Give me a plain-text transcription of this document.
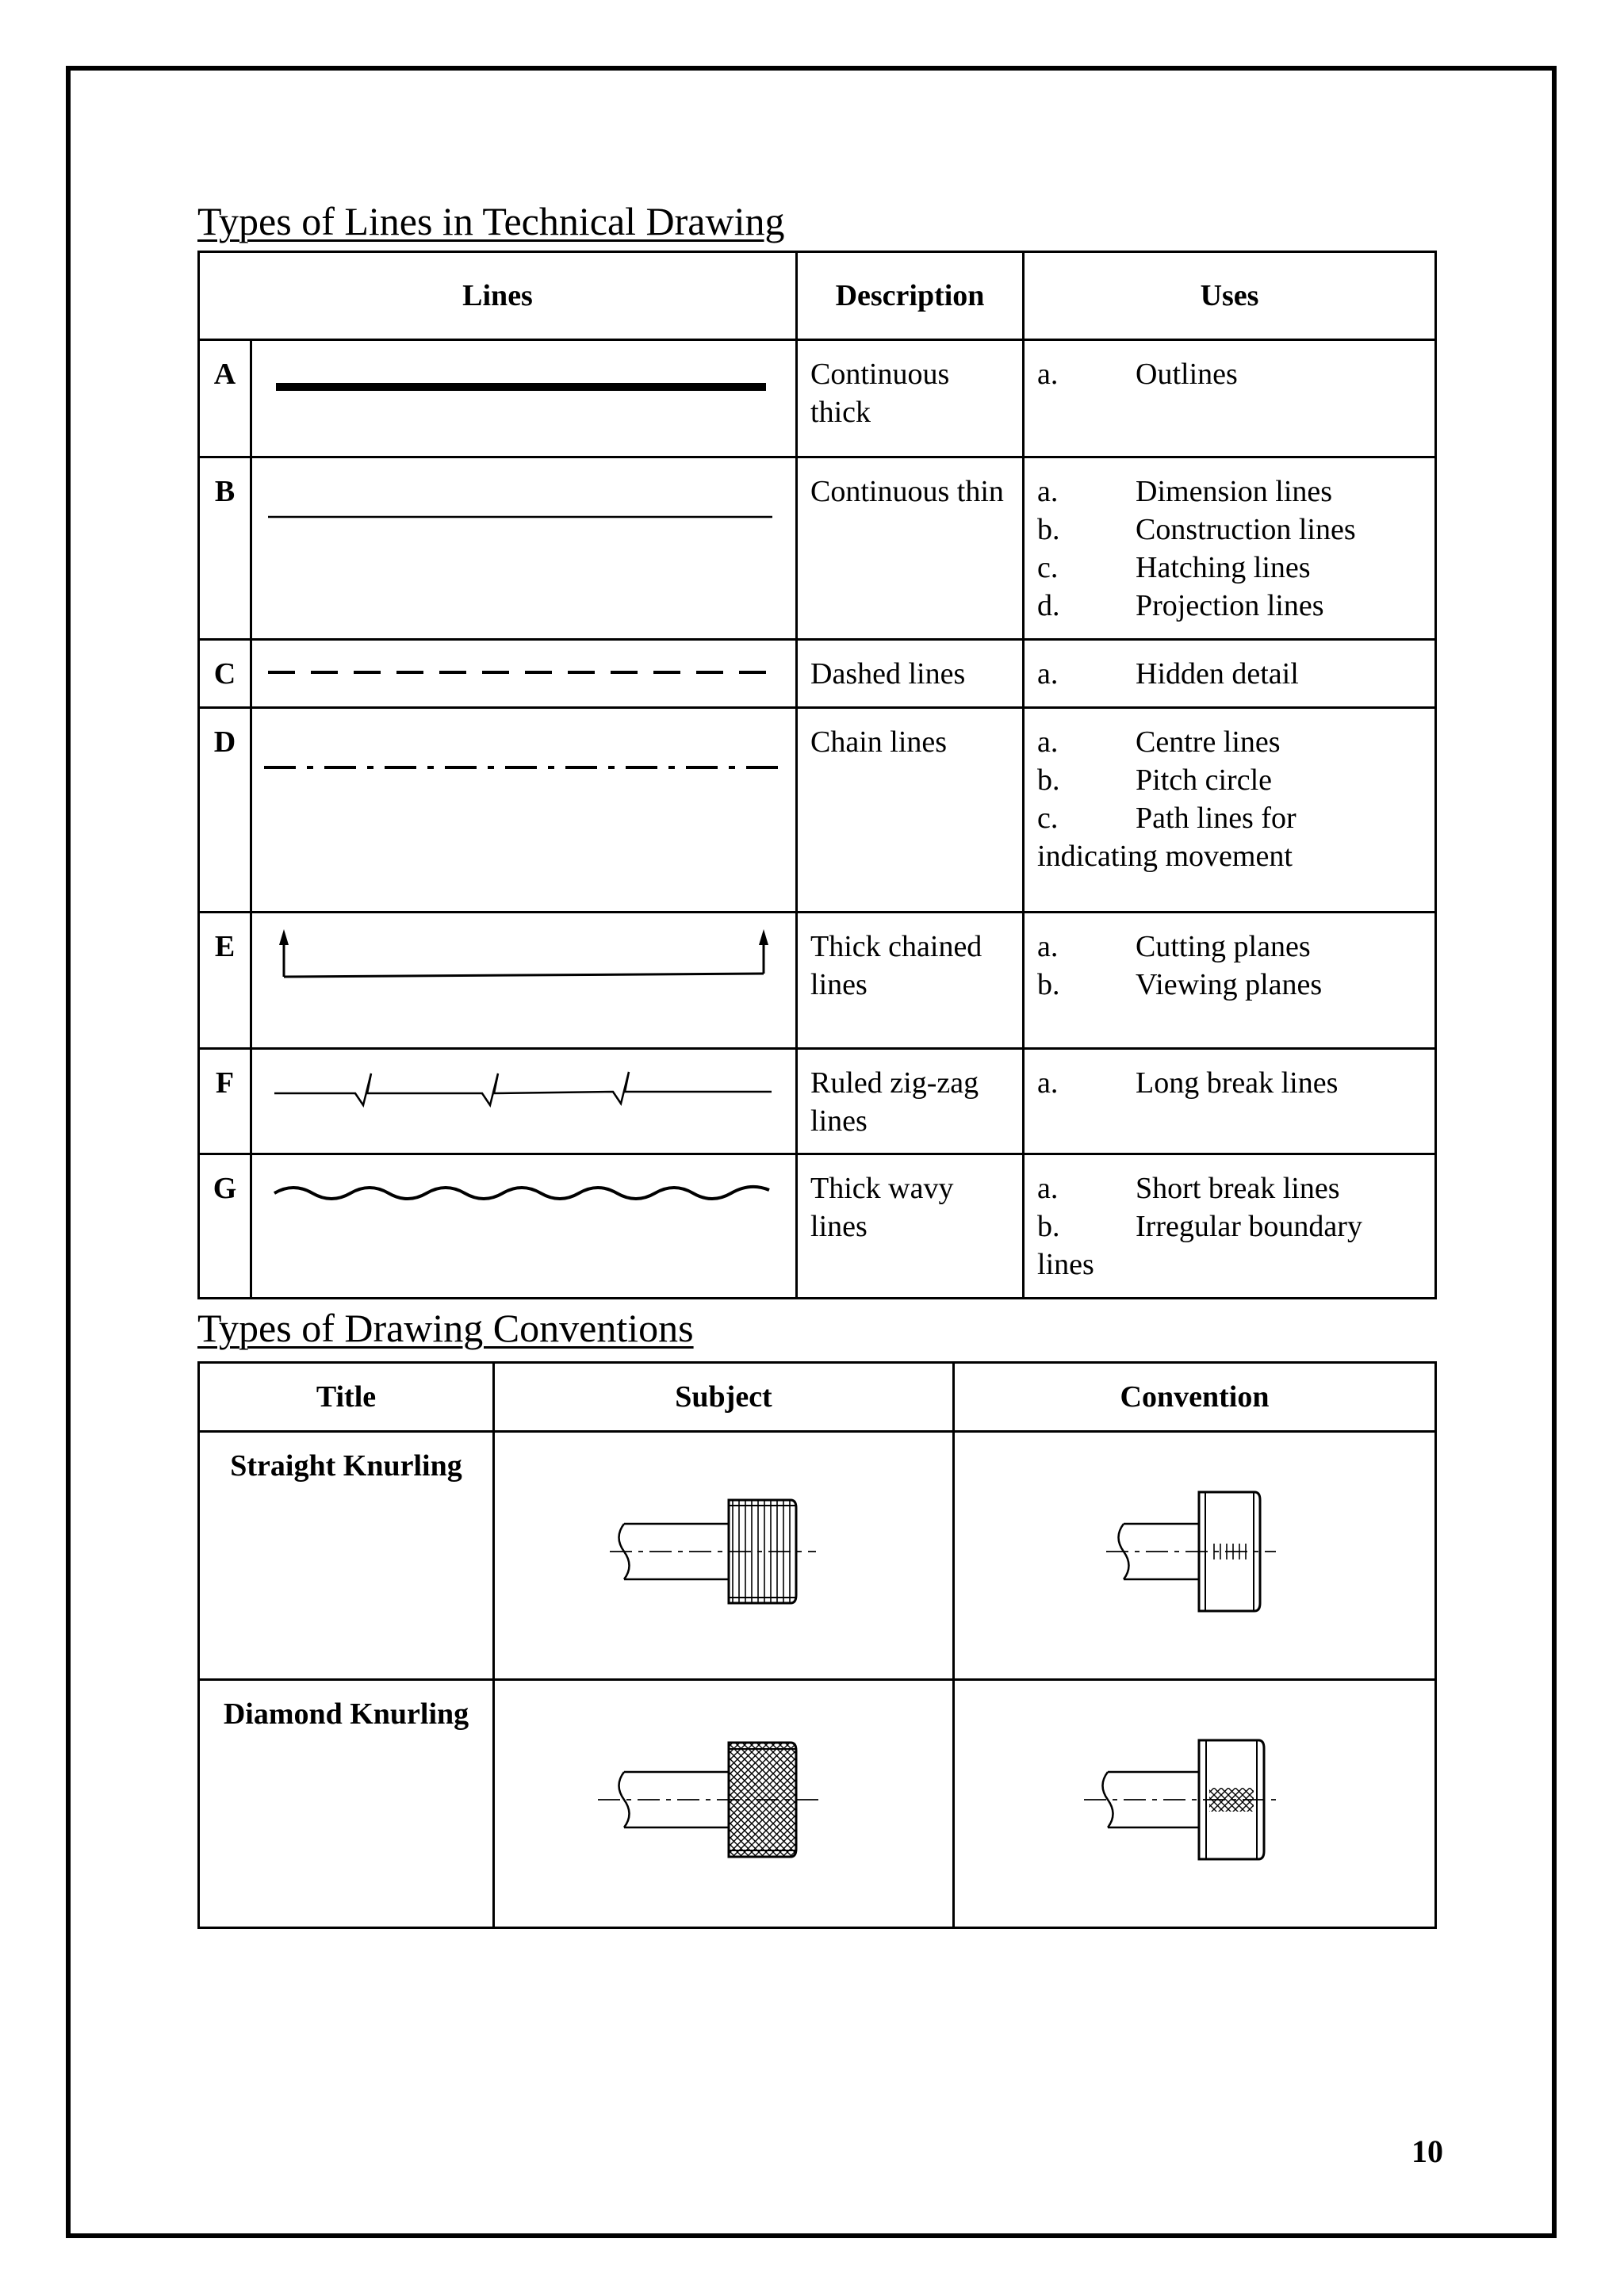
Types of Lines in Technical Drawing
Lines		Description	Uses
A		Continuous thick	a. Outlines

B		Continuous thin	a. Dimension lines
b. Construction lines
c. Hatching lines
d. Projection lines

C		Dashed lines	a. Hidden detail

D		Chain lines	a. Centre lines
b. Pitch circle
c. Path lines for
indicating movement

E		Thick chained lines	a. Cutting planes
b. Viewing planes

F		Ruled zig-zag lines	a. Long break lines

G		Thick wavy lines	a. Short break lines
b. Irregular boundary
lines
Types of Drawing Conventions
Title	Subject	Convention
Straight Knurling	

Diamond Knurling	

10
